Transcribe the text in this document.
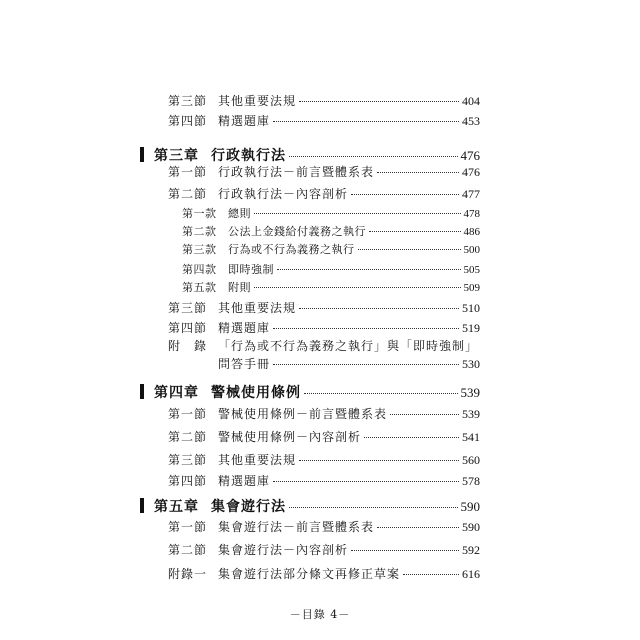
第三節 其他重要法規	404
第四節 精選題庫	453
第三章 行政執行法	476
第一節 行政執行法－前言暨體系表	476
第二節 行政執行法－內容剖析	477
第一款	總則	478
第二款	公法上金錢給付義務之執行	486
第三款	行為或不行為義務之執行	500
第四款	即時強制	505
第五款	附則	509
第三節 其他重要法規	510
第四節 精選題庫	519
附　錄 「行為或不行為義務之執行」與「即時強制」
問答手冊	530
第四章 警械使用條例	539
第一節 警械使用條例－前言暨體系表	539
第二節 警械使用條例－內容剖析	541
第三節 其他重要法規	560
第四節 精選題庫	578
第五章 集會遊行法	590
第一節 集會遊行法－前言暨體系表	590
第二節 集會遊行法－內容剖析	592
附錄一 集會遊行法部分條文再修正草案	616
－目錄 4－
